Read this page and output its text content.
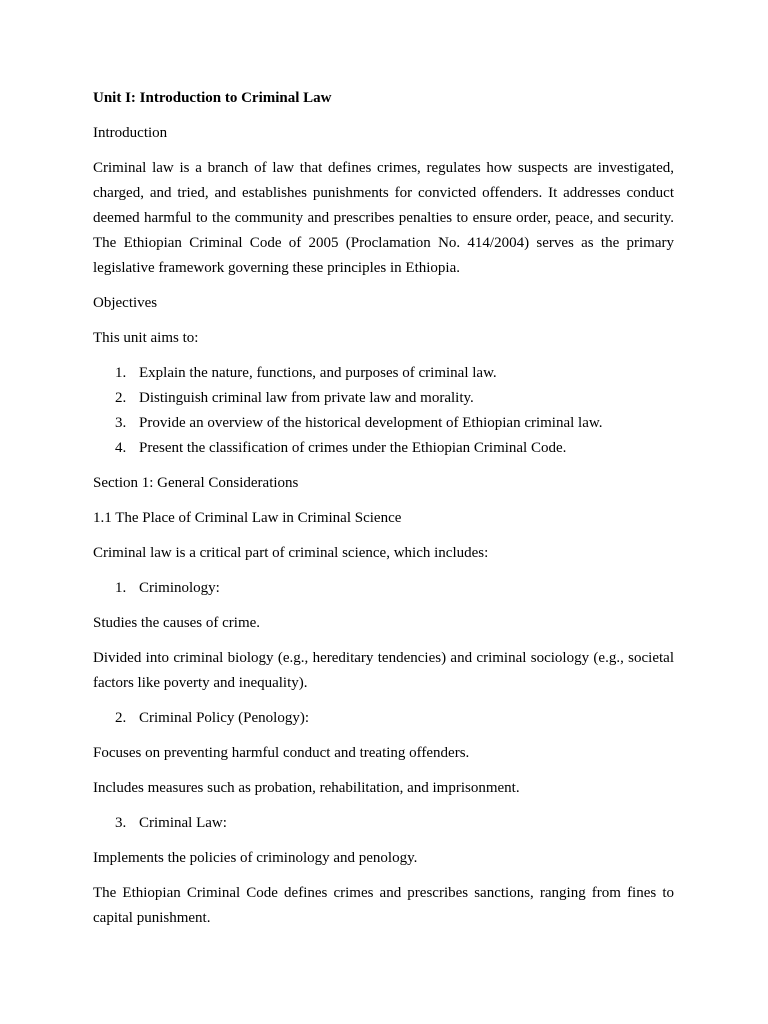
Unit I: Introduction to Criminal Law

Introduction

Criminal law is a branch of law that defines crimes, regulates how suspects are investigated, charged, and tried, and establishes punishments for convicted offenders. It addresses conduct deemed harmful to the community and prescribes penalties to ensure order, peace, and security. The Ethiopian Criminal Code of 2005 (Proclamation No. 414/2004) serves as the primary legislative framework governing these principles in Ethiopia.

Objectives

This unit aims to:

1. Explain the nature, functions, and purposes of criminal law.
2. Distinguish criminal law from private law and morality.
3. Provide an overview of the historical development of Ethiopian criminal law.
4. Present the classification of crimes under the Ethiopian Criminal Code.

Section 1: General Considerations

1.1 The Place of Criminal Law in Criminal Science

Criminal law is a critical part of criminal science, which includes:

1. Criminology:

Studies the causes of crime.

Divided into criminal biology (e.g., hereditary tendencies) and criminal sociology (e.g., societal factors like poverty and inequality).

2. Criminal Policy (Penology):

Focuses on preventing harmful conduct and treating offenders.

Includes measures such as probation, rehabilitation, and imprisonment.

3. Criminal Law:

Implements the policies of criminology and penology.

The Ethiopian Criminal Code defines crimes and prescribes sanctions, ranging from fines to capital punishment.
